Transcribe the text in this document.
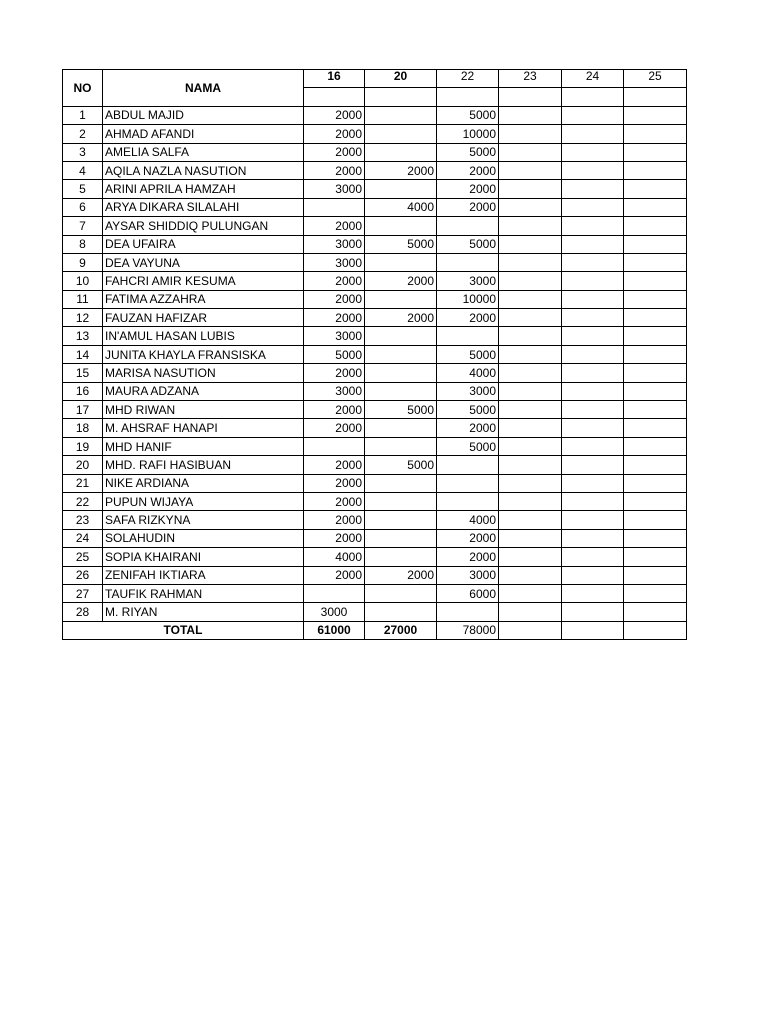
NO	NAMA	16	20	22	23	24	25

1	ABDUL MAJID	2000		5000			
2	AHMAD AFANDI	2000		10000			
3	AMELIA SALFA	2000		5000			
4	AQILA NAZLA NASUTION	2000	2000	2000			
5	ARINI APRILA HAMZAH	3000		2000			
6	ARYA DIKARA SILALAHI		4000	2000			
7	AYSAR SHIDDIQ PULUNGAN	2000					
8	DEA UFAIRA	3000	5000	5000			
9	DEA VAYUNA	3000					
10	FAHCRI AMIR KESUMA	2000	2000	3000			
11	FATIMA AZZAHRA	2000		10000			
12	FAUZAN HAFIZAR	2000	2000	2000			
13	IN'AMUL HASAN LUBIS	3000					
14	JUNITA KHAYLA FRANSISKA	5000		5000			
15	MARISA NASUTION	2000		4000			
16	MAURA ADZANA	3000		3000			
17	MHD RIWAN	2000	5000	5000			
18	M. AHSRAF HANAPI	2000		2000			
19	MHD HANIF			5000			
20	MHD. RAFI HASIBUAN	2000	5000				
21	NIKE ARDIANA	2000					
22	PUPUN WIJAYA	2000					
23	SAFA RIZKYNA	2000		4000			
24	SOLAHUDIN	2000		2000			
25	SOPIA KHAIRANI	4000		2000			
26	ZENIFAH IKTIARA	2000	2000	3000			
27	TAUFIK RAHMAN			6000			
28	M. RIYAN	3000					
TOTAL		61000	27000	78000			
